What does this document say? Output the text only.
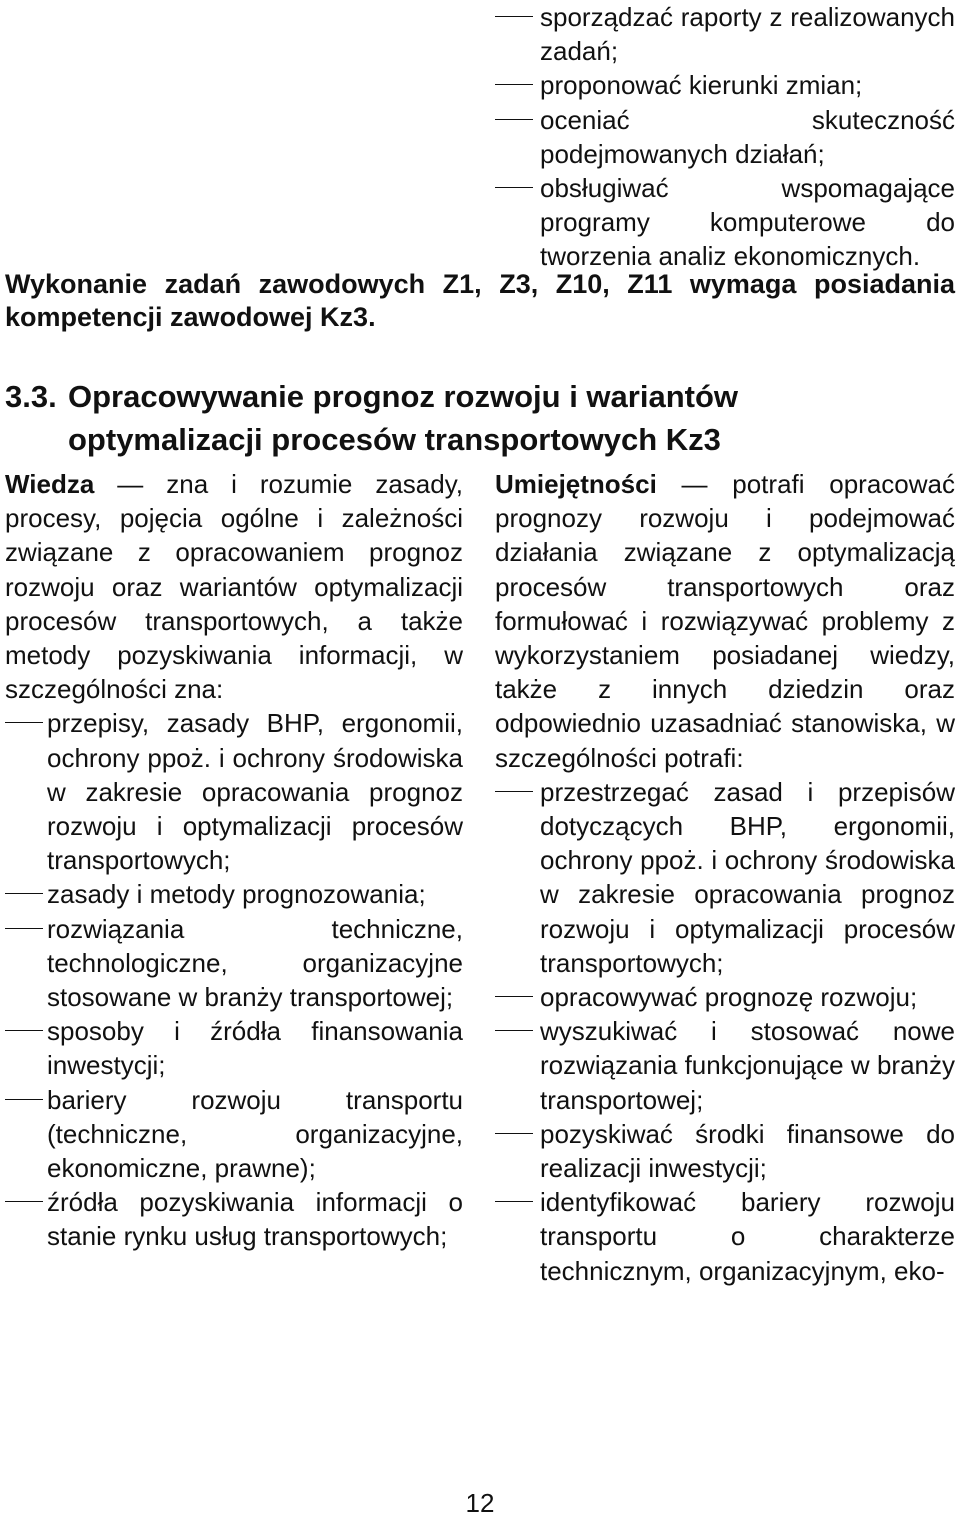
sporządzać raporty z realizowanych zadań;
proponować kierunki zmian;
oceniać skuteczność podejmowanych działań;
obsługiwać wspomagające programy komputerowe do tworzenia analiz ekonomicznych.
Wykonanie zadań zawodowych Z1, Z3, Z10, Z11 wymaga posiadania kompetencji zawodowej Kz3.
3.3. Opracowywanie prognoz rozwoju i wariantów optymalizacji procesów transportowych Kz3

Wiedza — zna i rozumie zasady, procesy, pojęcia ogólne i zależności związane z opracowaniem prognoz rozwoju oraz wariantów optymalizacji procesów transportowych, a także metody pozyskiwania informacji, w szczególności zna:

przepisy, zasady BHP, ergonomii, ochrony ppoż. i ochrony środowiska w zakresie opracowania prognoz rozwoju i optymalizacji procesów transportowych;
zasady i metody prognozowania;
rozwiązania techniczne, technologiczne, organizacyjne stosowane w branży transportowej;
sposoby i źródła finansowania inwestycji;
bariery rozwoju transportu (techniczne, organizacyjne, ekonomiczne, prawne);
źródła pozyskiwania informacji o stanie rynku usług transportowych;

Umiejętności — potrafi opracować prognozy rozwoju i podejmować działania związane z optymalizacją procesów transportowych oraz formułować i rozwiązywać problemy z wykorzystaniem posiadanej wiedzy, także z innych dziedzin oraz odpowiednio uzasadniać stanowiska, w szczególności potrafi:

przestrzegać zasad i przepisów dotyczących BHP, ergonomii, ochrony ppoż. i ochrony środowiska w zakresie opracowania prognoz rozwoju i optymalizacji procesów transportowych;
opracowywać prognozę rozwoju;
wyszukiwać i stosować nowe rozwiązania funkcjonujące w branży transportowej;
pozyskiwać środki finansowe do realizacji inwestycji;
identyfikować bariery rozwoju transportu o charakterze technicznym, organizacyjnym, eko-
12
